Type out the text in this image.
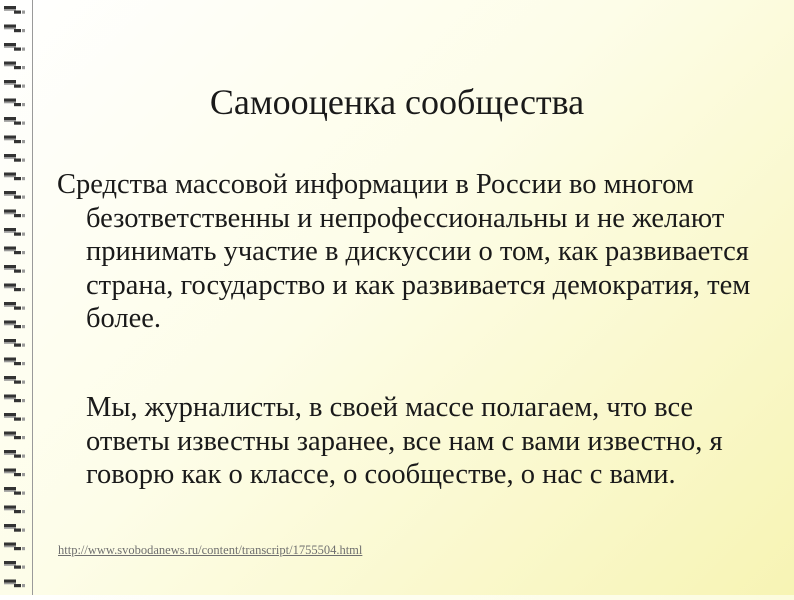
Самооценка сообщества

Средства массовой информации в России во многом безответственны и непрофессиональны и не желают принимать участие в дискуссии о том, как развивается страна, государство и как развивается демократия, тем более.

Мы, журналисты, в своей массе полагаем, что все ответы известны заранее, все нам с вами известно, я говорю как о классе, о сообществе, о нас с вами.

http://www.svobodanews.ru/content/transcript/1755504.html
